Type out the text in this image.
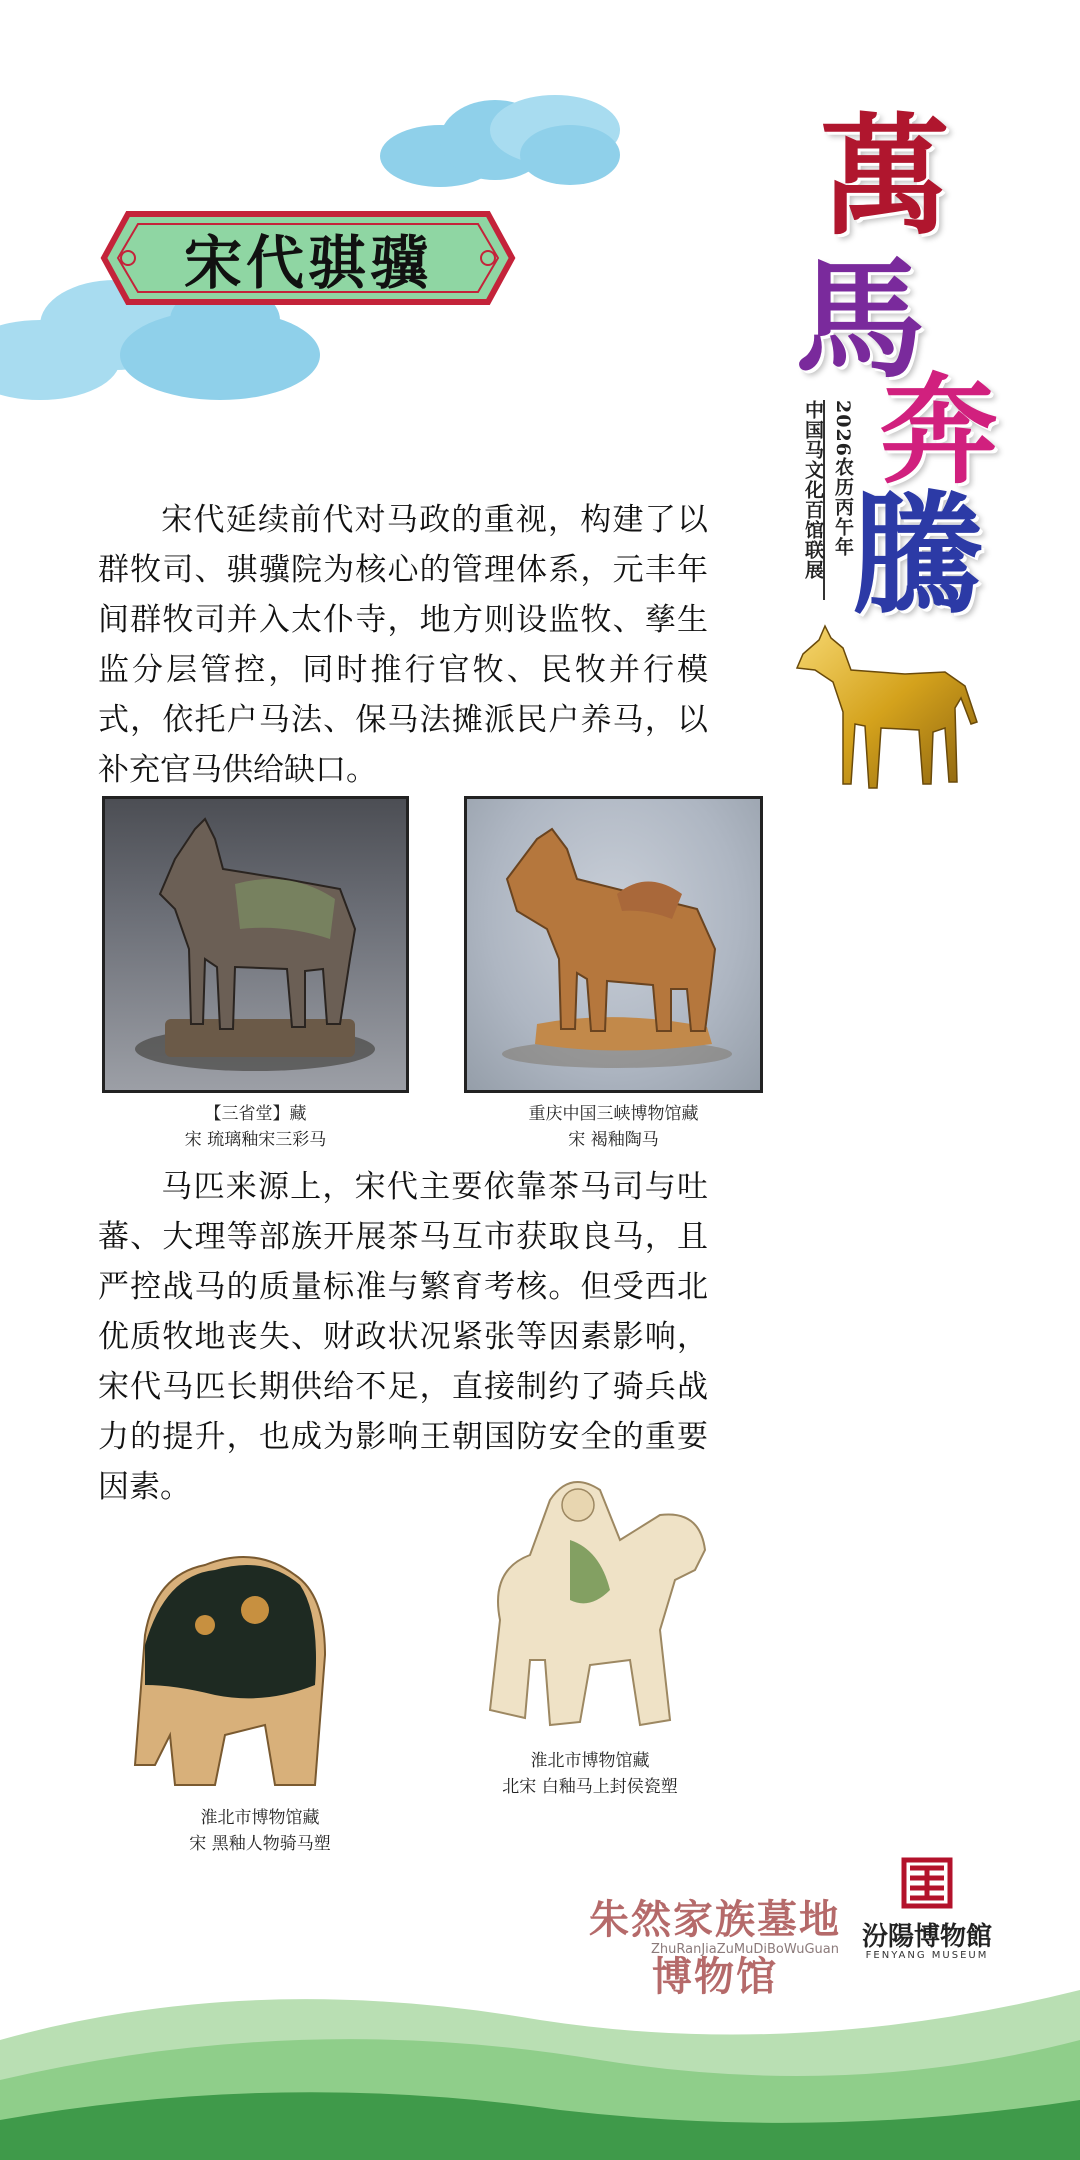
宋代骐骥
萬
馬
奔
騰
2026农历丙午年
中国马文化百馆联展
宋代延续前代对马政的重视，构建了以群牧司、骐骥院为核心的管理体系，元丰年间群牧司并入太仆寺，地方则设监牧、孳生监分层管控，同时推行官牧、民牧并行模式，依托户马法、保马法摊派民户养马，以补充官马供给缺口。
【三省堂】藏
宋 琉璃釉宋三彩马
重庆中国三峡博物馆藏
宋 褐釉陶马
马匹来源上，宋代主要依靠茶马司与吐蕃、大理等部族开展茶马互市获取良马，且严控战马的质量标准与繁育考核。但受西北优质牧地丧失、财政状况紧张等因素影响，宋代马匹长期供给不足，直接制约了骑兵战力的提升，也成为影响王朝国防安全的重要因素。
淮北市博物馆藏
宋 黑釉人物骑马塑
淮北市博物馆藏
北宋 白釉马上封侯瓷塑
朱然家族墓地博物馆
ZhuRanJiaZuMuDiBoWuGuan 汾陽博物館
FENYANG MUSEUM
